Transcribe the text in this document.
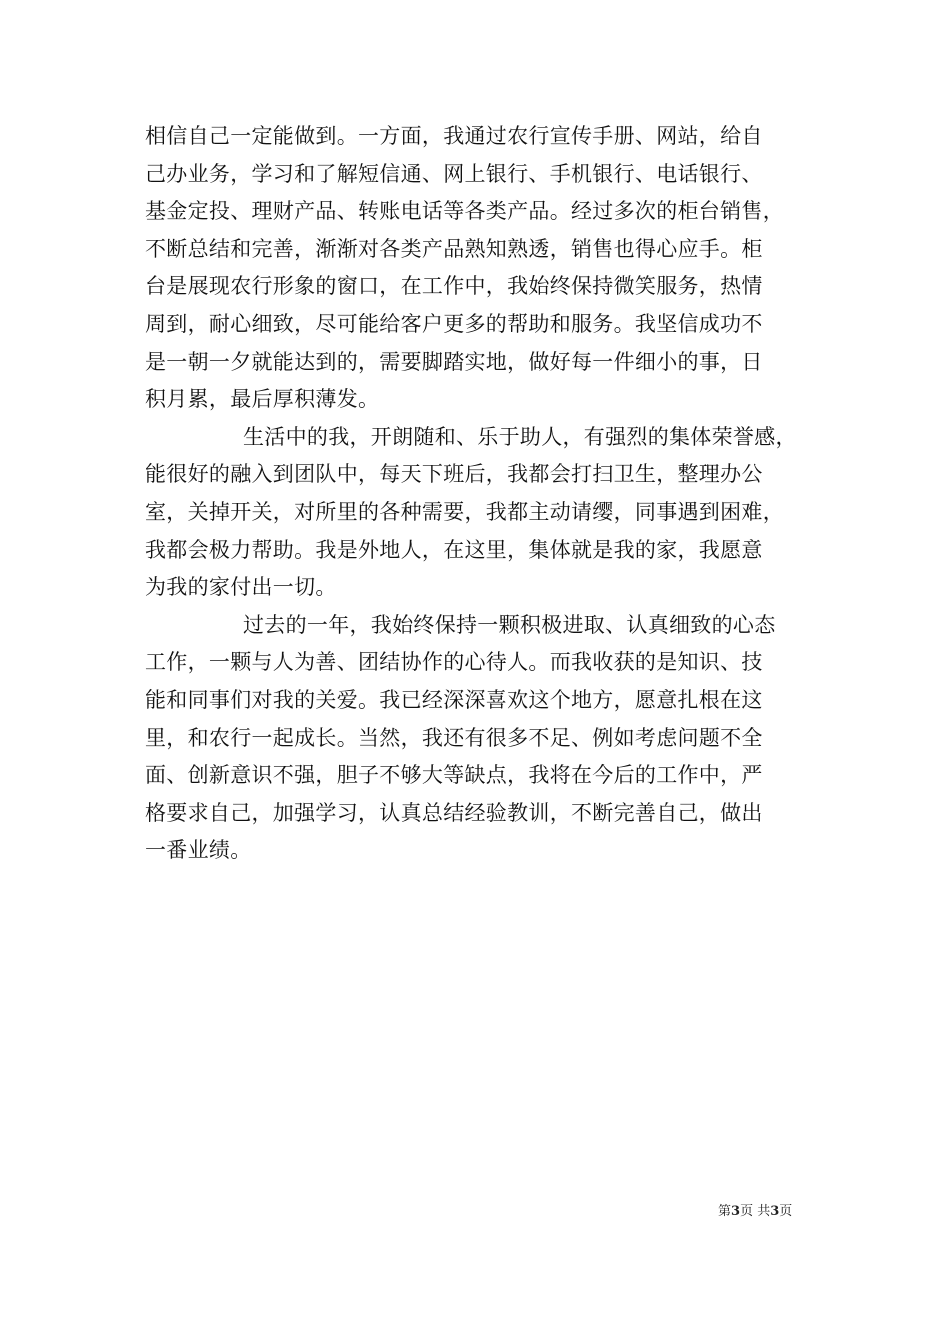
相信自己一定能做到。一方面，我通过农行宣传手册、网站，给自
己办业务，学习和了解短信通、网上银行、手机银行、电话银行、
基金定投、理财产品、转账电话等各类产品。经过多次的柜台销售，
不断总结和完善，渐渐对各类产品熟知熟透，销售也得心应手。柜
台是展现农行形象的窗口，在工作中，我始终保持微笑服务，热情
周到，耐心细致，尽可能给客户更多的帮助和服务。我坚信成功不
是一朝一夕就能达到的，需要脚踏实地，做好每一件细小的事，日
积月累，最后厚积薄发。
生活中的我，开朗随和、乐于助人，有强烈的集体荣誉感，
能很好的融入到团队中，每天下班后，我都会打扫卫生，整理办公
室，关掉开关，对所里的各种需要，我都主动请缨，同事遇到困难，
我都会极力帮助。我是外地人，在这里，集体就是我的家，我愿意
为我的家付出一切。
过去的一年，我始终保持一颗积极进取、认真细致的心态
工作，一颗与人为善、团结协作的心待人。而我收获的是知识、技
能和同事们对我的关爱。我已经深深喜欢这个地方，愿意扎根在这
里，和农行一起成长。当然，我还有很多不足、例如考虑问题不全
面、创新意识不强，胆子不够大等缺点，我将在今后的工作中，严
格要求自己，加强学习，认真总结经验教训，不断完善自己，做出
一番业绩。
第3页 共3页
